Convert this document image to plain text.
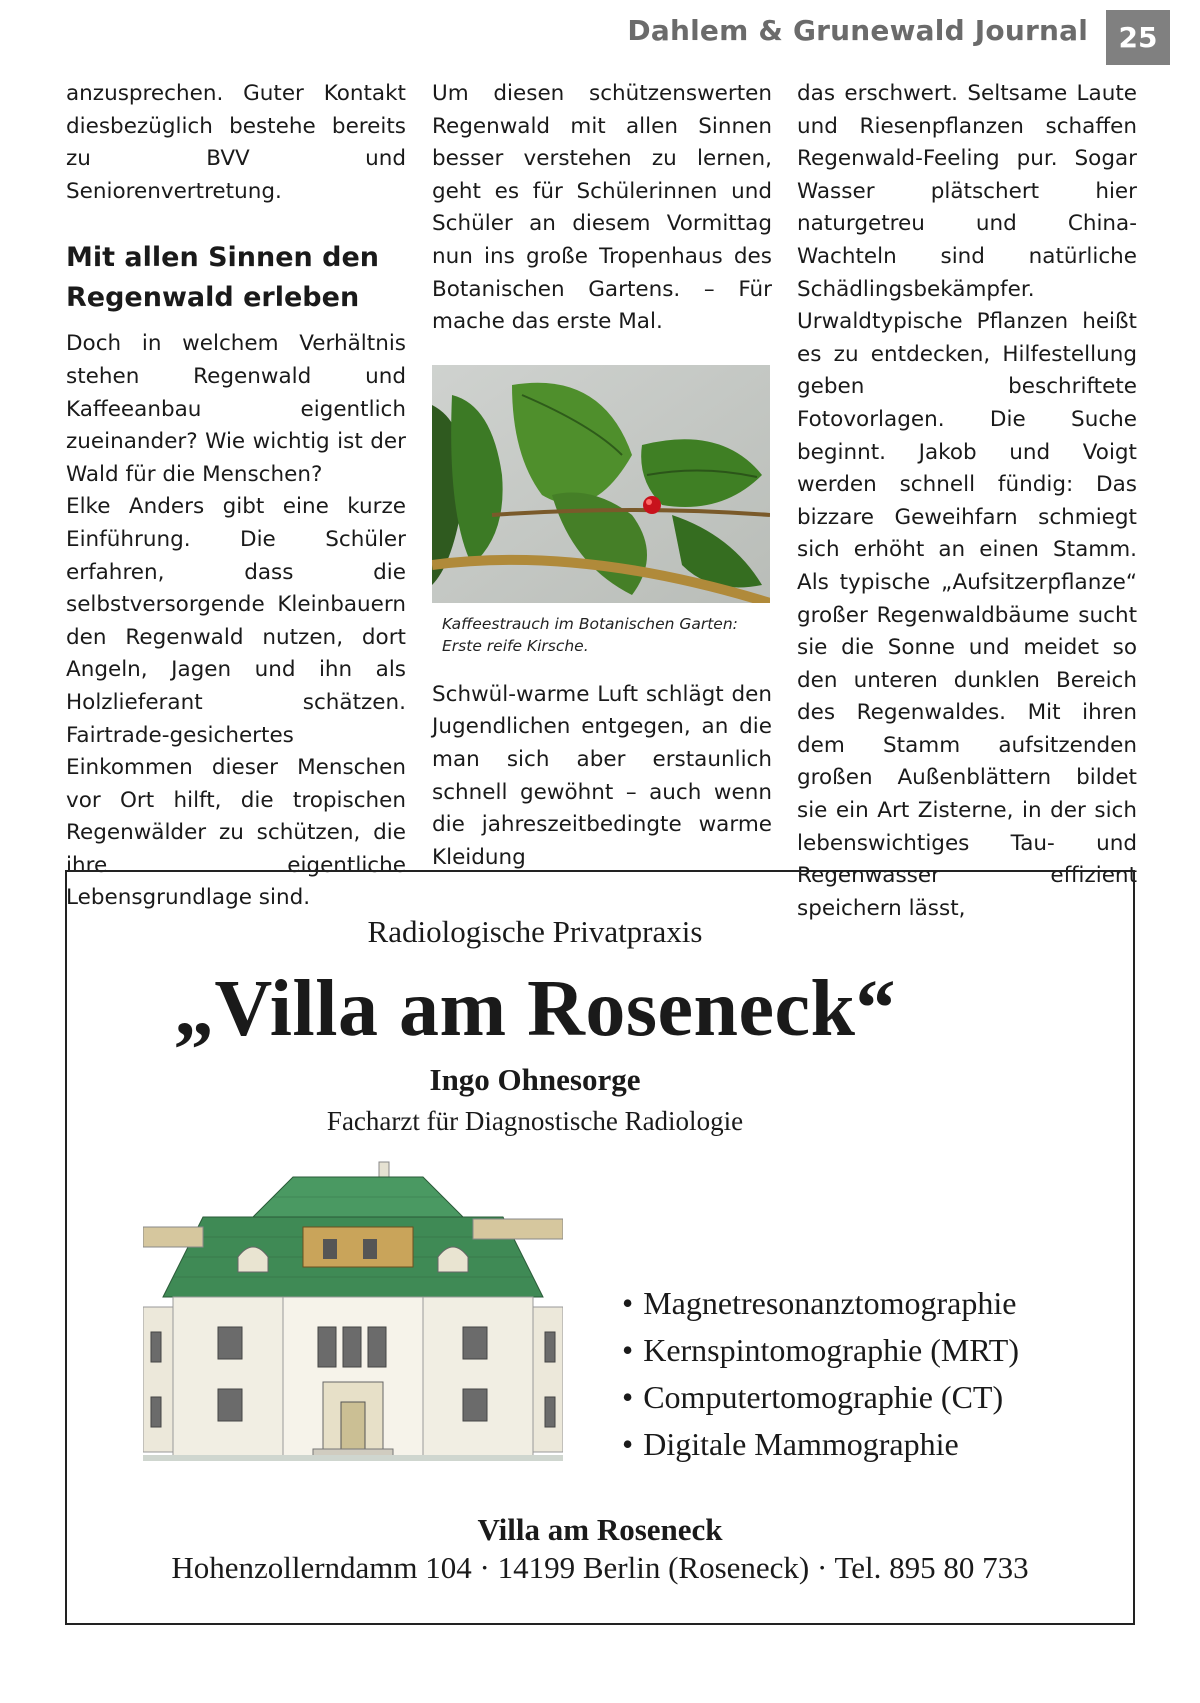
Dahlem & Grunewald Journal	25

anzusprechen. Guter Kontakt diesbezüglich bestehe bereits zu BVV und Seniorenvertretung.

Mit allen Sinnen den Regenwald erleben

Doch in welchem Verhältnis stehen Regenwald und Kaffeeanbau eigentlich zueinander? Wie wichtig ist der Wald für die Menschen?

Elke Anders gibt eine kurze Einführung. Die Schüler erfahren, dass die selbstversorgende Kleinbauern den Regenwald nutzen, dort Angeln, Jagen und ihn als Holzlieferant schätzen. Fairtrade-gesichertes Einkommen dieser Menschen vor Ort hilft, die tropischen Regenwälder zu schützen, die ihre eigentliche Lebensgrundlage sind.

Um diesen schützenswerten Regenwald mit allen Sinnen besser verstehen zu lernen, geht es für Schülerinnen und Schüler an diesem Vormittag nun ins große Tropenhaus des Botanischen Gartens. – Für mache das erste Mal.

Kaffeestrauch im Botanischen Garten: Erste reife Kirsche.

Schwül-warme Luft schlägt den Jugendlichen entgegen, an die man sich aber erstaunlich schnell gewöhnt – auch wenn die jahreszeitbedingte warme Kleidung

das erschwert. Seltsame Laute und Riesenpflanzen schaffen Regenwald-Feeling pur. Sogar Wasser plätschert hier naturgetreu und China-Wachteln sind natürliche Schädlingsbekämpfer. Urwaldtypische Pflanzen heißt es zu entdecken, Hilfestellung geben beschriftete Fotovorlagen. Die Suche beginnt. Jakob und Voigt werden schnell fündig: Das bizzare Geweihfarn schmiegt sich erhöht an einen Stamm. Als typische „Aufsitzerpflanze“ großer Regenwaldbäume sucht sie die Sonne und meidet so den unteren dunklen Bereich des Regenwaldes. Mit ihren dem Stamm aufsitzenden großen Außenblättern bildet sie ein Art Zisterne, in der sich lebenswichtiges Tau- und Regenwasser effizient speichern lässt,

Radiologische Privatpraxis
„Villa am Roseneck“
Ingo Ohnesorge
Facharzt für Diagnostische Radiologie
• Magnetresonanztomographie
• Kernspintomographie (MRT)
• Computertomographie (CT)
• Digitale Mammographie
Villa am Roseneck
Hohenzollerndamm 104 · 14199 Berlin (Roseneck) · Tel. 895 80 733
